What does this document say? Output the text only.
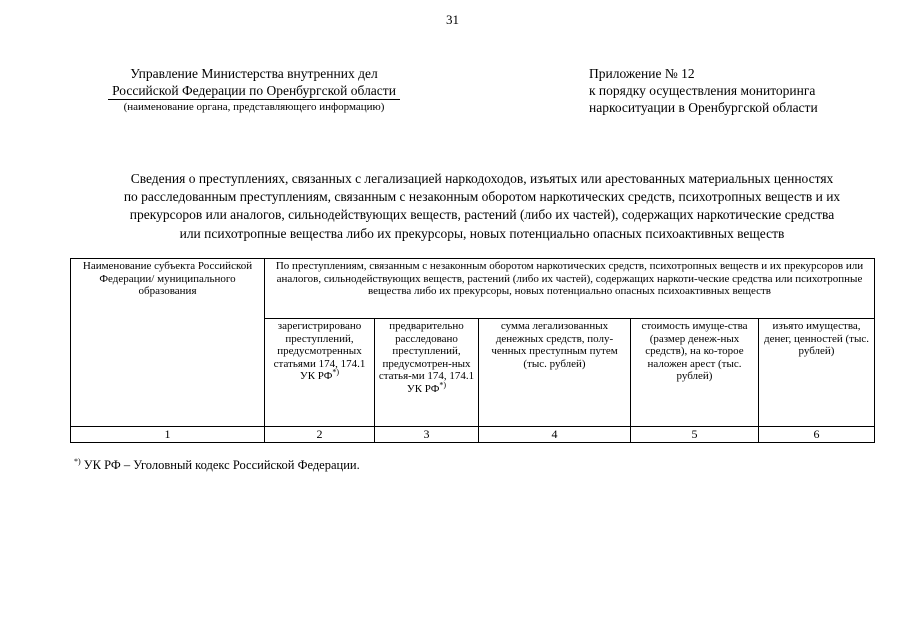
31
Управление Министерства внутренних дел
Российской Федерации по Оренбургской области
(наименование органа, представляющего информацию)
Приложение № 12
к порядку осуществления мониторинга
наркоситуации в Оренбургской области
Сведения о преступлениях, связанных с легализацией наркодоходов, изъятых или арестованных материальных ценностях
по расследованным преступлениям, связанным с незаконным оборотом наркотических средств, психотропных веществ и их
прекурсоров или аналогов, сильнодействующих веществ, растений (либо их частей), содержащих наркотические средства
или психотропные вещества либо их прекурсоры, новых потенциально опасных психоактивных веществ
Наименование субъекта Российской Федерации/ муниципального образования	По преступлениям, связанным с незаконным оборотом наркотических средств, психотропных веществ и их прекурсоров или аналогов, сильнодействующих веществ, растений (либо их частей), содержащих наркоти-ческие средства или психотропные вещества либо их прекурсоры, новых потенциально опасных психоактивных веществ				
	зарегистрировано преступлений, предусмотренных статьями 174, 174.1 УК РФ*)	предварительно расследовано преступлений, предусмотрен-ных статья-ми 174, 174.1 УК РФ*)	сумма легализованных денежных средств, полу-ченных преступным путем (тыс. рублей)	стоимость имуще-ства (размер денеж-ных средств), на ко-торое наложен арест (тыс. рублей)	изъято имущества, денег, ценностей (тыс. рублей)
1	2	3	4	5	6
*) УК РФ – Уголовный кодекс Российской Федерации.
